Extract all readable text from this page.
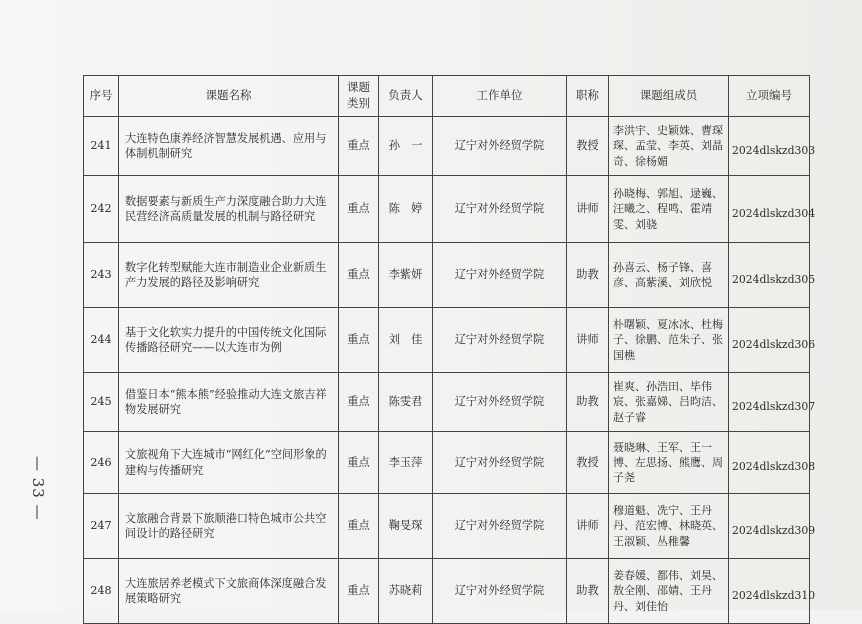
— 33 —
序号	课题名称	课题类别	负责人	工作单位	职称	课题组成员	立项编号
241	大连特色康养经济智慧发展机遇、应用与体制机制研究	重点	孙　一	辽宁对外经贸学院	教授	李洪宇、史颖姝、曹琛琛、孟莹、李英、刘晶奇、徐杨媚	2024dlskzd303
242	数据要素与新质生产力深度融合助力大连民营经济高质量发展的机制与路径研究	重点	陈　婷	辽宁对外经贸学院	讲师	孙晓梅、郭旭、逯巍、汪曦之、程鸣、霍靖雯、刘骁	2024dlskzd304
243	数字化转型赋能大连市制造业企业新质生产力发展的路径及影响研究	重点	李紫妍	辽宁对外经贸学院	助教	孙喜云、杨子锋、喜彦、高紫溪、刘欣悦	2024dlskzd305
244	基于文化软实力提升的中国传统文化国际传播路径研究——以大连市为例	重点	刘　佳	辽宁对外经贸学院	讲师	朴曙颖、夏冰冰、杜梅子、徐鹏、范朱子、张国樵	2024dlskzd306
245	借鉴日本“熊本熊”经验推动大连文旅吉祥物发展研究	重点	陈雯君	辽宁对外经贸学院	助教	崔爽、孙浩田、毕伟宸、张嘉娣、吕昀洁、赵子睿	2024dlskzd307
246	文旅视角下大连城市“网红化”空间形象的建构与传播研究	重点	李玉萍	辽宁对外经贸学院	教授	聂晓琳、王军、王一博、左思扬、熊鹰、周子尧	2024dlskzd308
247	文旅融合背景下旅顺港口特色城市公共空间设计的路径研究	重点	鞠旻琛	辽宁对外经贸学院	讲师	穆道魁、冼宁、王丹丹、范宏博、林晓英、王淑颖、丛稚馨	2024dlskzd309
248	大连旅居养老模式下文旅商体深度融合发展策略研究	重点	苏晓莉	辽宁对外经贸学院	助教	姜春媛、都伟、刘昊、敖全刚、邵婧、王丹丹、刘佳怡	2024dlskzd310
